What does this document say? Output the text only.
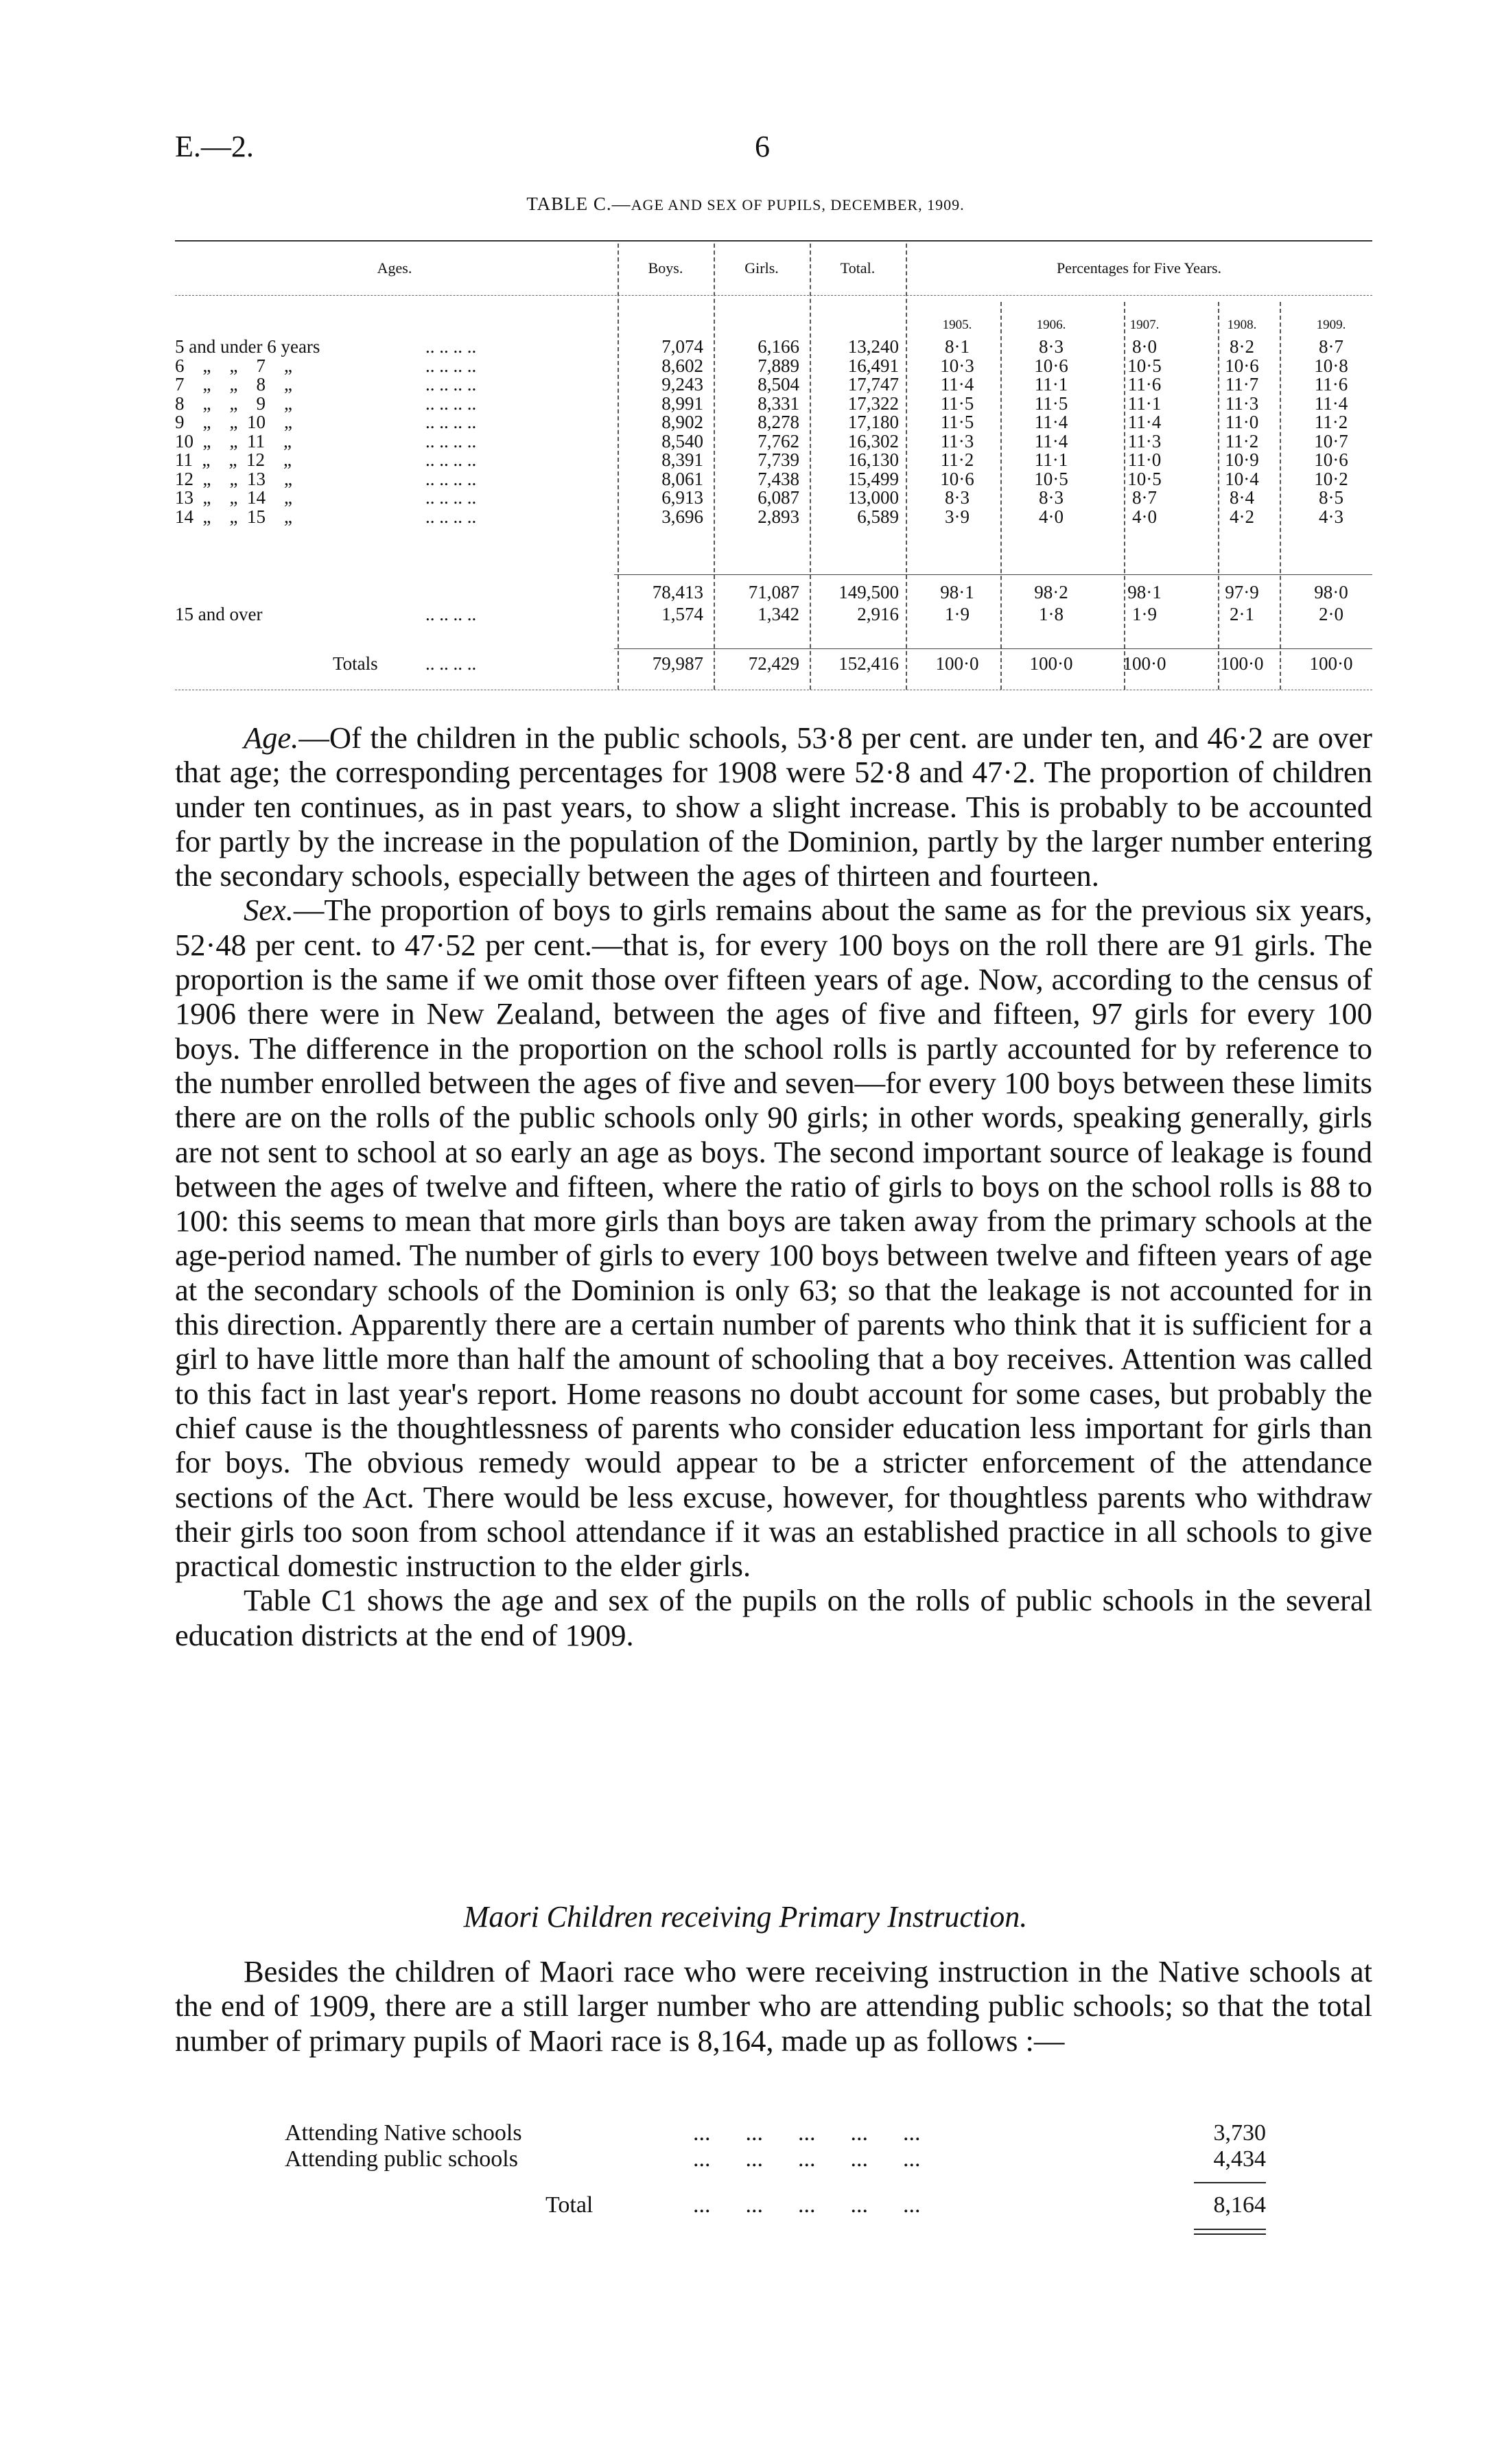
E.—2.	6
TABLE C.—AGE AND SEX OF PUPILS, DECEMBER, 1909.
Ages.	Boys.	Girls.	Total.	Percentages for Five Years.
1905.	1906.	1907.	1908.	1909.
5 and under 6 years	.. .. .. ..	7,074	6,166	13,240	8·1	8·3	8·0	8·2	8·7
6    „    „    7    „	.. .. .. ..	8,602	7,889	16,491	10·3	10·6	10·5	10·6	10·8
7    „    „    8    „	.. .. .. ..	9,243	8,504	17,747	11·4	11·1	11·6	11·7	11·6
8    „    „    9    „	.. .. .. ..	8,991	8,331	17,322	11·5	11·5	11·1	11·3	11·4
9    „    „  10    „	.. .. .. ..	8,902	8,278	17,180	11·5	11·4	11·4	11·0	11·2
10  „    „  11    „	.. .. .. ..	8,540	7,762	16,302	11·3	11·4	11·3	11·2	10·7
11  „    „  12    „	.. .. .. ..	8,391	7,739	16,130	11·2	11·1	11·0	10·9	10·6
12  „    „  13    „	.. .. .. ..	8,061	7,438	15,499	10·6	10·5	10·5	10·4	10·2
13  „    „  14    „	.. .. .. ..	6,913	6,087	13,000	8·3	8·3	8·7	8·4	8·5
14  „    „  15    „	.. .. .. ..	3,696	2,893	6,589	3·9	4·0	4·0	4·2	4·3
78,413	71,087	149,500	98·1	98·2	98·1	97·9	98·0
15 and over	.. .. .. ..	1,574	1,342	2,916	1·9	1·8	1·9	2·1	2·0
Totals	.. .. .. ..	79,987	72,429	152,416	100·0	100·0	100·0	100·0	100·0

Age.—Of the children in the public schools, 53·8 per cent. are under ten, and 46·2 are over that age; the corresponding percentages for 1908 were 52·8 and 47·2. The proportion of children under ten continues, as in past years, to show a slight increase. This is probably to be accounted for partly by the increase in the population of the Dominion, partly by the larger number entering the secondary schools, especially between the ages of thirteen and fourteen.

Sex.—The proportion of boys to girls remains about the same as for the previous six years, 52·48 per cent. to 47·52 per cent.—that is, for every 100 boys on the roll there are 91 girls. The proportion is the same if we omit those over fifteen years of age. Now, according to the census of 1906 there were in New Zealand, between the ages of five and fifteen, 97 girls for every 100 boys. The difference in the proportion on the school rolls is partly accounted for by reference to the number enrolled between the ages of five and seven—for every 100 boys between these limits there are on the rolls of the public schools only 90 girls; in other words, speaking generally, girls are not sent to school at so early an age as boys. The second important source of leakage is found between the ages of twelve and fifteen, where the ratio of girls to boys on the school rolls is 88 to 100: this seems to mean that more girls than boys are taken away from the primary schools at the age-period named. The number of girls to every 100 boys between twelve and fifteen years of age at the secondary schools of the Dominion is only 63; so that the leakage is not accounted for in this direction. Apparently there are a certain number of parents who think that it is sufficient for a girl to have little more than half the amount of schooling that a boy receives. Attention was called to this fact in last year's report. Home reasons no doubt account for some cases, but probably the chief cause is the thoughtlessness of parents who consider education less important for girls than for boys. The obvious remedy would appear to be a stricter enforcement of the attendance sections of the Act. There would be less excuse, however, for thoughtless parents who withdraw their girls too soon from school attendance if it was an established practice in all schools to give practical domestic instruction to the elder girls.

Table C1 shows the age and sex of the pupils on the rolls of public schools in the several education districts at the end of 1909.

Maori Children receiving Primary Instruction.

Besides the children of Maori race who were receiving instruction in the Native schools at the end of 1909, there are a still larger number who are attending public schools; so that the total number of primary pupils of Maori race is 8,164, made up as follows :—

Attending Native schools	...      ...      ...      ...      ...	3,730
Attending public schools	...      ...      ...      ...      ...	4,434
Total	...      ...      ...      ...      ...	8,164
